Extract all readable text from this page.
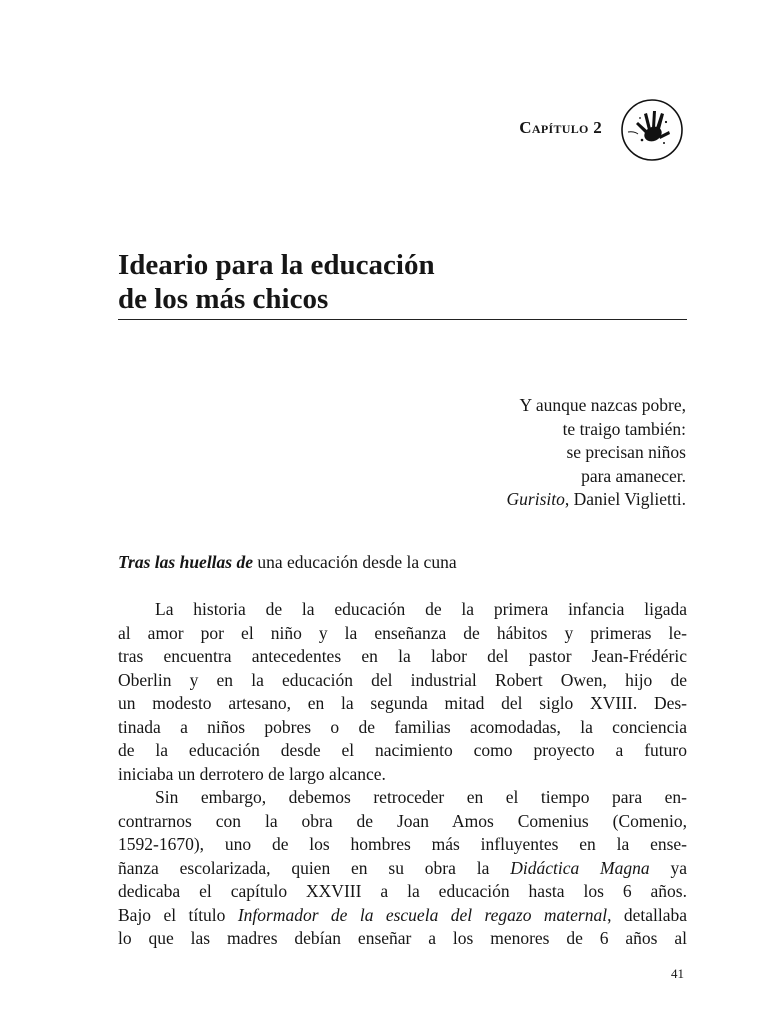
Capítulo 2
Ideario para la educación
de los más chicos
Y aunque nazcas pobre,
te traigo también:
se precisan niños
para amanecer.
Gurisito, Daniel Viglietti.
Tras las huellas de una educación desde la cuna
La historia de la educación de la primera infancia ligada
al amor por el niño y la enseñanza de hábitos y primeras le-
tras encuentra antecedentes en la labor del pastor Jean-Frédéric
Oberlin y en la educación del industrial Robert Owen, hijo de
un modesto artesano, en la segunda mitad del siglo XVIII. Des-
tinada a niños pobres o de familias acomodadas, la conciencia
de la educación desde el nacimiento como proyecto a futuro
iniciaba un derrotero de largo alcance.
Sin embargo, debemos retroceder en el tiempo para en-
contrarnos con la obra de Joan Amos Comenius (Comenio,
1592-1670), uno de los hombres más influyentes en la ense-
ñanza escolarizada, quien en su obra la Didáctica Magna ya
dedicaba el capítulo XXVIII a la educación hasta los 6 años.
Bajo el título Informador de la escuela del regazo maternal, detallaba
lo que las madres debían enseñar a los menores de 6 años al
41
